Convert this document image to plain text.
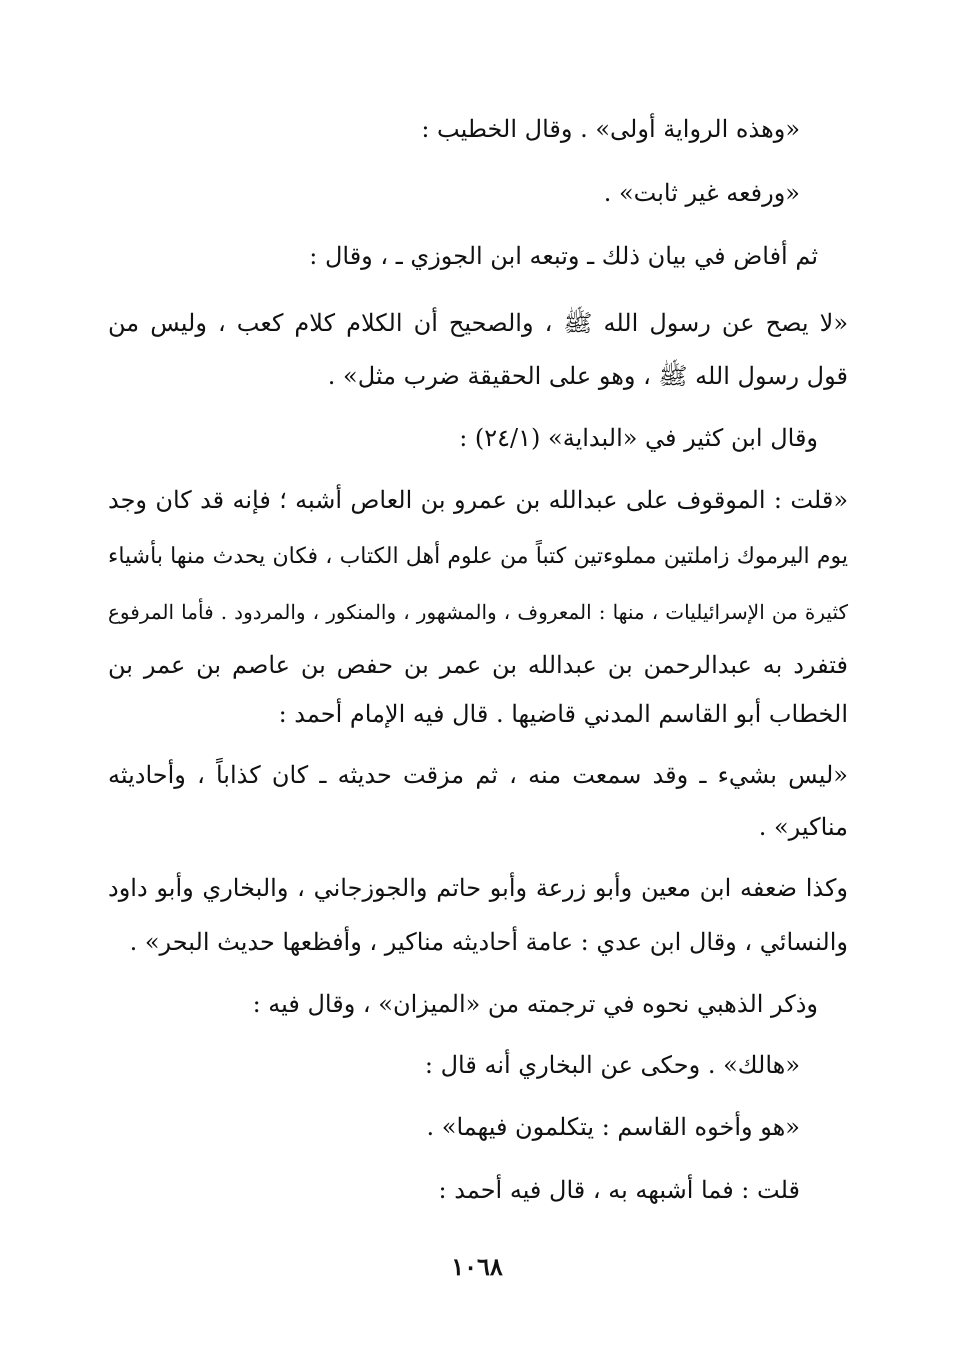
«وهذه الرواية أولى» . وقال الخطيب :
«ورفعه غير ثابت» .
ثم أفاض في بيان ذلك ـ وتبعه ابن الجوزي ـ ، وقال :
«لا يصح عن رسول الله ﷺ ، والصحيح أن الكلام كلام كعب ، وليس من
قول رسول الله ﷺ ، وهو على الحقيقة ضرب مثل» .
وقال ابن كثير في «البداية» (٢٤/١) :
«قلت : الموقوف على عبدالله بن عمرو بن العاص أشبه ؛ فإنه قد كان وجد
يوم اليرموك زاملتين مملوءتين كتباً من علوم أهل الكتاب ، فكان يحدث منها بأشياء
كثيرة من الإسرائيليات ، منها : المعروف ، والمشهور ، والمنكور ، والمردود . فأما المرفوع
فتفرد به عبدالرحمن بن عبدالله بن عمر بن حفص بن عاصم بن عمر بن
الخطاب أبو القاسم المدني قاضيها . قال فيه الإمام أحمد :
«ليس بشيء ـ وقد سمعت منه ، ثم مزقت حديثه ـ كان كذاباً ، وأحاديثه
مناكير» .
وكذا ضعفه ابن معين وأبو زرعة وأبو حاتم والجوزجاني ، والبخاري وأبو داود
والنسائي ، وقال ابن عدي : عامة أحاديثه مناكير ، وأفظعها حديث البحر» .
وذكر الذهبي نحوه في ترجمته من «الميزان» ، وقال فيه :
«هالك» . وحكى عن البخاري أنه قال :
«هو وأخوه القاسم : يتكلمون فيهما» .
قلت : فما أشبهه به ، قال فيه أحمد :
١٠٦٨
